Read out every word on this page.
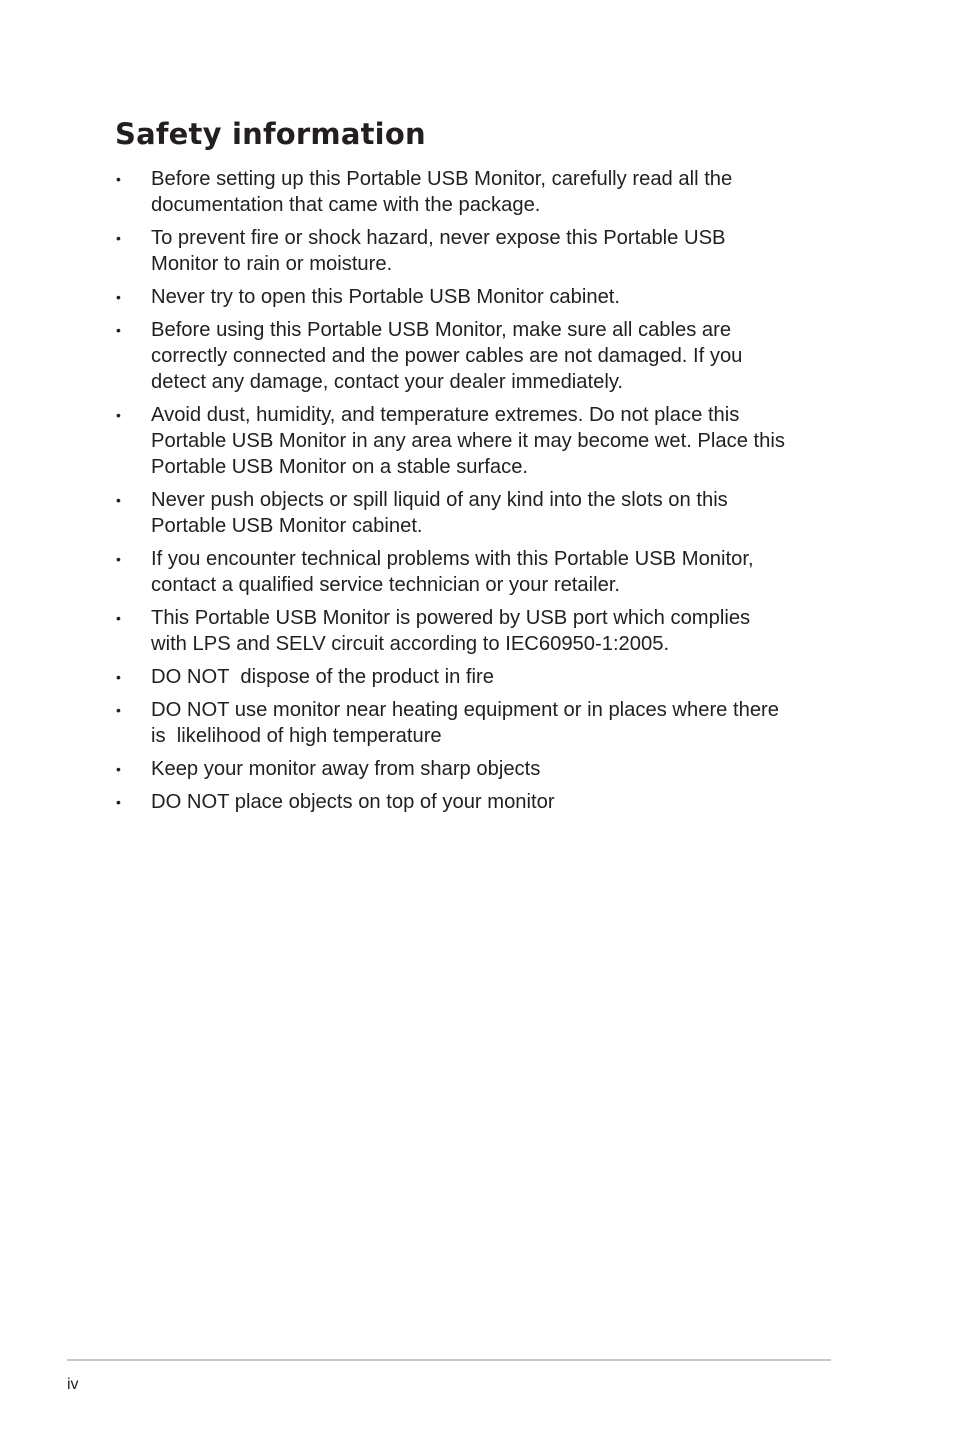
Safety information
•	Before setting up this Portable USB Monitor, carefully read all the
documentation that came with the package.
•	To prevent fire or shock hazard, never expose this Portable USB
Monitor to rain or moisture.
•	Never try to open this Portable USB Monitor cabinet.
•	Before using this Portable USB Monitor, make sure all cables are
correctly connected and the power cables are not damaged. If you
detect any damage, contact your dealer immediately.
•	Avoid dust, humidity, and temperature extremes. Do not place this
Portable USB Monitor in any area where it may become wet. Place this
Portable USB Monitor on a stable surface.
•	Never push objects or spill liquid of any kind into the slots on this
Portable USB Monitor cabinet.
•	If you encounter technical problems with this Portable USB Monitor,
contact a qualified service technician or your retailer.
•	This Portable USB Monitor is powered by USB port which complies
with LPS and SELV circuit according to IEC60950-1:2005.
•	DO NOT  dispose of the product in fire
•	DO NOT use monitor near heating equipment or in places where there
is  likelihood of high temperature
•	Keep your monitor away from sharp objects
•	DO NOT place objects on top of your monitor
iv
